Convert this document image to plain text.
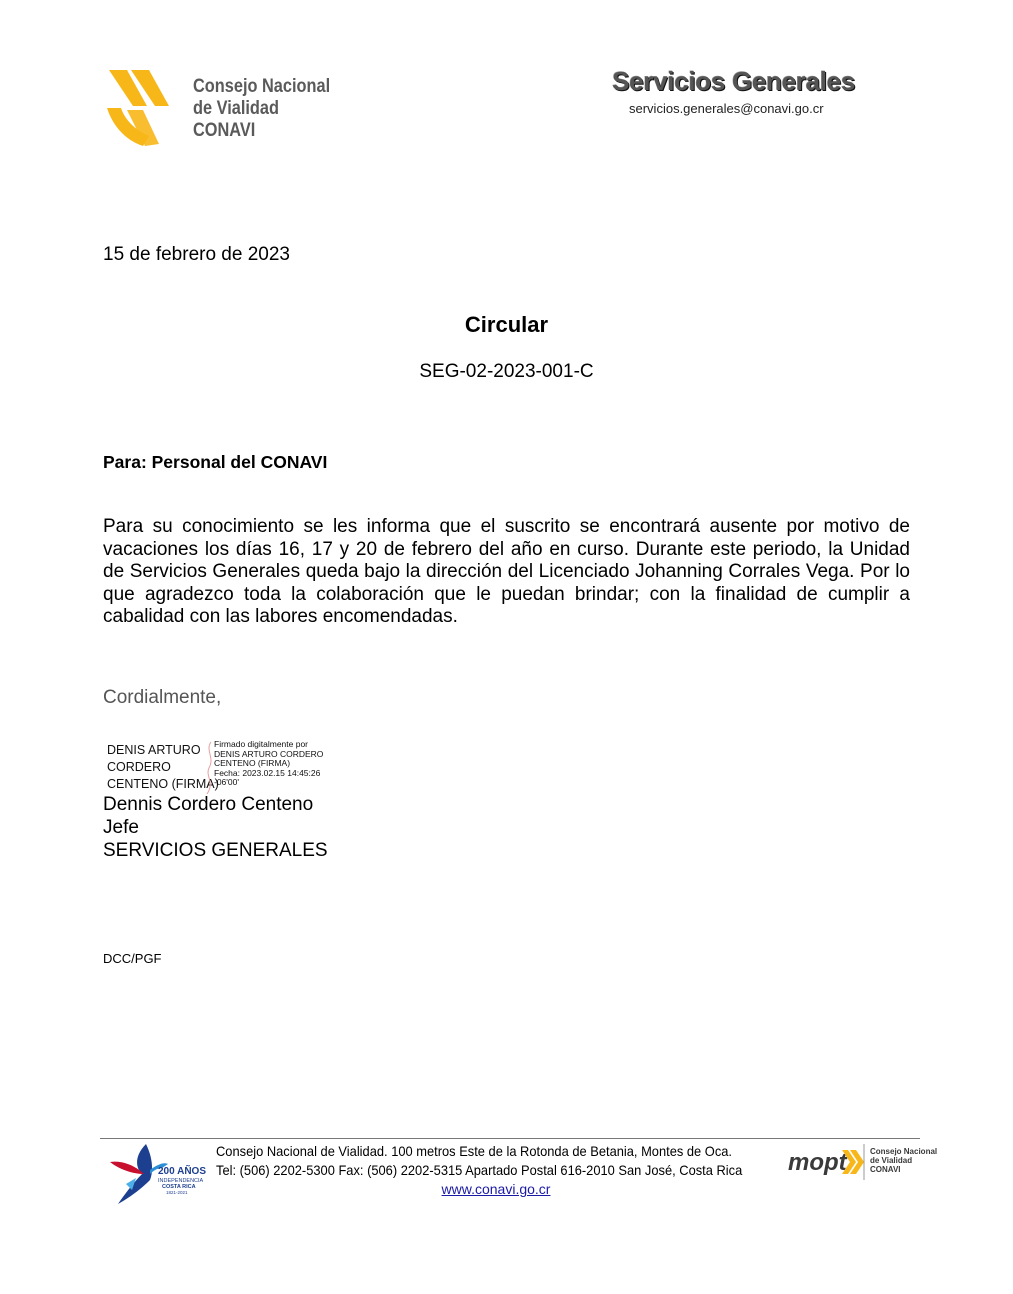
Consejo Nacional
de Vialidad
CONAVI
Servicios Generales
servicios.generales@conavi.go.cr
15 de febrero de 2023
Circular
SEG-02-2023-001-C
Para: Personal del CONAVI
Para su conocimiento se les informa que el suscrito se encontrará ausente por motivo de vacaciones los días 16, 17 y 20 de febrero del año en curso. Durante este periodo, la Unidad de Servicios Generales queda bajo la dirección del Licenciado Johanning Corrales Vega. Por lo que agradezco toda la colaboración que le puedan brindar; con la finalidad de cumplir a cabalidad con las labores encomendadas.
Cordialmente,
DENIS ARTURO
CORDERO
CENTENO (FIRMA)
Firmado digitalmente por
DENIS ARTURO CORDERO
CENTENO (FIRMA)
Fecha: 2023.02.15 14:45:26
-06'00'
Dennis Cordero Centeno
Jefe
SERVICIOS GENERALES
DCC/PGF
200 AÑOS
INDEPENDENCIA
COSTA RICA
1821-2021
Consejo Nacional de Vialidad. 100 metros Este de la Rotonda de Betania, Montes de Oca.
Tel: (506) 2202-5300 Fax: (506) 2202-5315 Apartado Postal 616-2010 San José, Costa Rica
www.conavi.go.cr
mopt	Consejo Nacional
de Vialidad
CONAVI
